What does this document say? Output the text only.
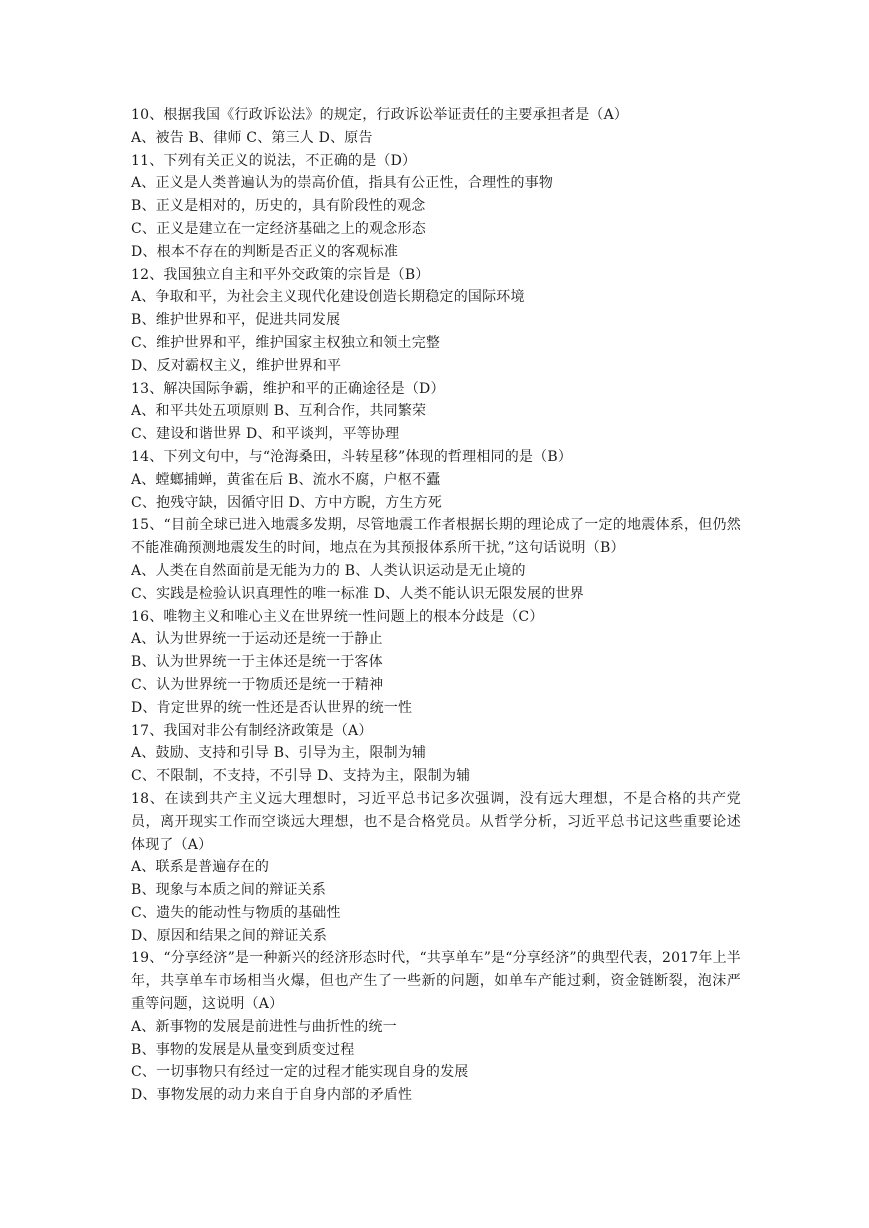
10、根据我国《行政诉讼法》的规定，行政诉讼举证责任的主要承担者是（A）
A、被告 B、律师 C、第三人 D、原告
11、下列有关正义的说法，不正确的是（D）
A、正义是人类普遍认为的崇高价值，指具有公正性，合理性的事物
B、正义是相对的，历史的，具有阶段性的观念
C、正义是建立在一定经济基础之上的观念形态
D、根本不存在的判断是否正义的客观标准
12、我国独立自主和平外交政策的宗旨是（B）
A、争取和平，为社会主义现代化建设创造长期稳定的国际环境
B、维护世界和平，促进共同发展
C、维护世界和平，维护国家主权独立和领土完整
D、反对霸权主义，维护世界和平
13、解决国际争霸，维护和平的正确途径是（D）
A、和平共处五项原则 B、互利合作，共同繁荣
C、建设和谐世界 D、和平谈判，平等协理
14、下列文句中，与“沧海桑田，斗转星移”体现的哲理相同的是（B）
A、螳螂捕蝉，黄雀在后 B、流水不腐，户枢不蠹
C、抱残守缺，因循守旧 D、方中方睨，方生方死
15、“目前全球已进入地震多发期，尽管地震工作者根据长期的理论成了一定的地震体系，但仍然不能准确预测地震发生的时间，地点在为其预报体系所干扰，”这句话说明（B）
A、人类在自然面前是无能为力的 B、人类认识运动是无止境的
C、实践是检验认识真理性的唯一标准 D、人类不能认识无限发展的世界
16、唯物主义和唯心主义在世界统一性问题上的根本分歧是（C）
A、认为世界统一于运动还是统一于静止
B、认为世界统一于主体还是统一于客体
C、认为世界统一于物质还是统一于精神
D、肯定世界的统一性还是否认世界的统一性
17、我国对非公有制经济政策是（A）
A、鼓励、支持和引导 B、引导为主，限制为辅
C、不限制，不支持，不引导 D、支持为主，限制为辅
18、在读到共产主义远大理想时，习近平总书记多次强调，没有远大理想，不是合格的共产党员，离开现实工作而空谈远大理想，也不是合格党员。从哲学分析，习近平总书记这些重要论述体现了（A）
A、联系是普遍存在的
B、现象与本质之间的辩证关系
C、遗失的能动性与物质的基础性
D、原因和结果之间的辩证关系
19、“分享经济”是一种新兴的经济形态时代，“共享单车”是“分享经济”的典型代表，2017年上半年，共享单车市场相当火爆，但也产生了一些新的问题，如单车产能过剩，资金链断裂，泡沫严重等问题，这说明（A）
A、新事物的发展是前进性与曲折性的统一
B、事物的发展是从量变到质变过程
C、一切事物只有经过一定的过程才能实现自身的发展
D、事物发展的动力来自于自身内部的矛盾性
